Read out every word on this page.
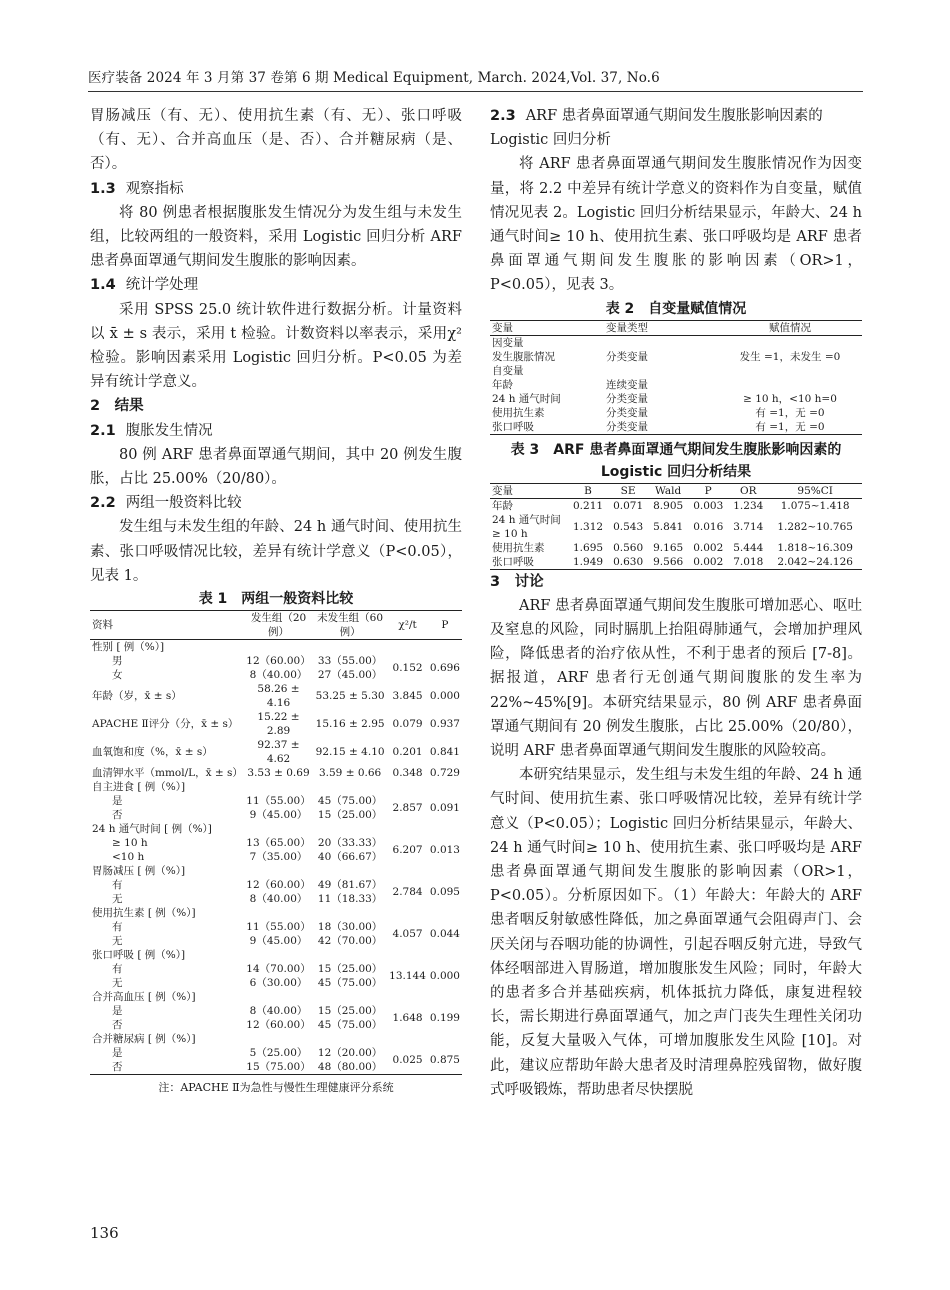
医疗装备 2024 年 3 月第 37 卷第 6 期 Medical Equipment, March. 2024,Vol. 37, No.6

胃肠减压（有、无）、使用抗生素（有、无）、张口呼吸（有、无）、合并高血压（是、否）、合并糖尿病（是、否）。

1.3 观察指标

将 80 例患者根据腹胀发生情况分为发生组与未发生组，比较两组的一般资料，采用 Logistic 回归分析 ARF 患者鼻面罩通气期间发生腹胀的影响因素。

1.4 统计学处理

采用 SPSS 25.0 统计软件进行数据分析。计量资料以 x̄ ± s 表示，采用 t 检验。计数资料以率表示，采用χ² 检验。影响因素采用 Logistic 回归分析。P<0.05 为差异有统计学意义。

2　结果
2.1 腹胀发生情况

80 例 ARF 患者鼻面罩通气期间，其中 20 例发生腹胀，占比 25.00%（20/80）。

2.2 两组一般资料比较

发生组与未发生组的年龄、24 h 通气时间、使用抗生素、张口呼吸情况比较，差异有统计学意义（P<0.05），见表 1。

表 1　两组一般资料比较
资料	发生组（20 例）	未发生组（60 例）	χ²/t	P
性别 [ 例（%）]				
男	12（60.00）	33（55.00）	0.152	0.696
女	8（40.00）	27（45.00）		
年龄（岁，x̄ ± s）	58.26 ± 4.16	53.25 ± 5.30	3.845	0.000
APACHE Ⅱ评分（分，x̄ ± s）	15.22 ± 2.89	15.16 ± 2.95	0.079	0.937
血氧饱和度（%，x̄ ± s）	92.37 ± 4.62	92.15 ± 4.10	0.201	0.841
血清钾水平（mmol/L，x̄ ± s）	3.53 ± 0.69	3.59 ± 0.66	0.348	0.729
自主进食 [ 例（%）]				
是	11（55.00）	45（75.00）	2.857	0.091
否	9（45.00）	15（25.00）		
24 h 通气时间 [ 例（%）]				
≥ 10 h	13（65.00）	20（33.33）	6.207	0.013
<10 h	7（35.00）	40（66.67）		
胃肠减压 [ 例（%）]				
有	12（60.00）	49（81.67）	2.784	0.095
无	8（40.00）	11（18.33）		
使用抗生素 [ 例（%）]				
有	11（55.00）	18（30.00）	4.057	0.044
无	9（45.00）	42（70.00）		
张口呼吸 [ 例（%）]				
有	14（70.00）	15（25.00）	13.144	0.000
无	6（30.00）	45（75.00）		
合并高血压 [ 例（%）]				
是	8（40.00）	15（25.00）	1.648	0.199
否	12（60.00）	45（75.00）		
合并糖尿病 [ 例（%）]				
是	5（25.00）	12（20.00）	0.025	0.875
否	15（75.00）	48（80.00）		
注：APACHE Ⅱ为急性与慢性生理健康评分系统
2.3 ARF 患者鼻面罩通气期间发生腹胀影响因素的 Logistic 回归分析

将 ARF 患者鼻面罩通气期间发生腹胀情况作为因变量，将 2.2 中差异有统计学意义的资料作为自变量，赋值情况见表 2。Logistic 回归分析结果显示，年龄大、24 h 通气时间≥ 10 h、使用抗生素、张口呼吸均是 ARF 患者鼻面罩通气期间发生腹胀的影响因素（OR>1，P<0.05），见表 3。

表 2　自变量赋值情况
变量	变量类型	赋值情况
因变量		
发生腹胀情况	分类变量	发生 =1，未发生 =0
自变量		
年龄	连续变量	
24 h 通气时间	分类变量	≥ 10 h，<10 h=0
使用抗生素	分类变量	有 =1，无 =0
张口呼吸	分类变量	有 =1，无 =0
表 3　ARF 患者鼻面罩通气期间发生腹胀影响因素的 Logistic 回归分析结果
变量	B	SE	Wald	P	OR	95%CI
年龄	0.211	0.071	8.905	0.003	1.234	1.075~1.418
24 h 通气时间≥ 10 h	1.312	0.543	5.841	0.016	3.714	1.282~10.765
使用抗生素	1.695	0.560	9.165	0.002	5.444	1.818~16.309
张口呼吸	1.949	0.630	9.566	0.002	7.018	2.042~24.126
3　讨论

ARF 患者鼻面罩通气期间发生腹胀可增加恶心、呕吐及窒息的风险，同时膈肌上抬阻碍肺通气，会增加护理风险，降低患者的治疗依从性，不利于患者的预后 [7-8]。据报道，ARF 患者行无创通气期间腹胀的发生率为 22%~45%[9]。本研究结果显示，80 例 ARF 患者鼻面罩通气期间有 20 例发生腹胀，占比 25.00%（20/80），说明 ARF 患者鼻面罩通气期间发生腹胀的风险较高。

本研究结果显示，发生组与未发生组的年龄、24 h 通气时间、使用抗生素、张口呼吸情况比较，差异有统计学意义（P<0.05）；Logistic 回归分析结果显示，年龄大、24 h 通气时间≥ 10 h、使用抗生素、张口呼吸均是 ARF 患者鼻面罩通气期间发生腹胀的影响因素（OR>1，P<0.05）。分析原因如下。（1）年龄大：年龄大的 ARF 患者咽反射敏感性降低，加之鼻面罩通气会阻碍声门、会厌关闭与吞咽功能的协调性，引起吞咽反射亢进，导致气体经咽部进入胃肠道，增加腹胀发生风险；同时，年龄大的患者多合并基础疾病，机体抵抗力降低，康复进程较长，需长期进行鼻面罩通气，加之声门丧失生理性关闭功能，反复大量吸入气体，可增加腹胀发生风险 [10]。对此，建议应帮助年龄大患者及时清理鼻腔残留物，做好腹式呼吸锻炼，帮助患者尽快摆脱

136
